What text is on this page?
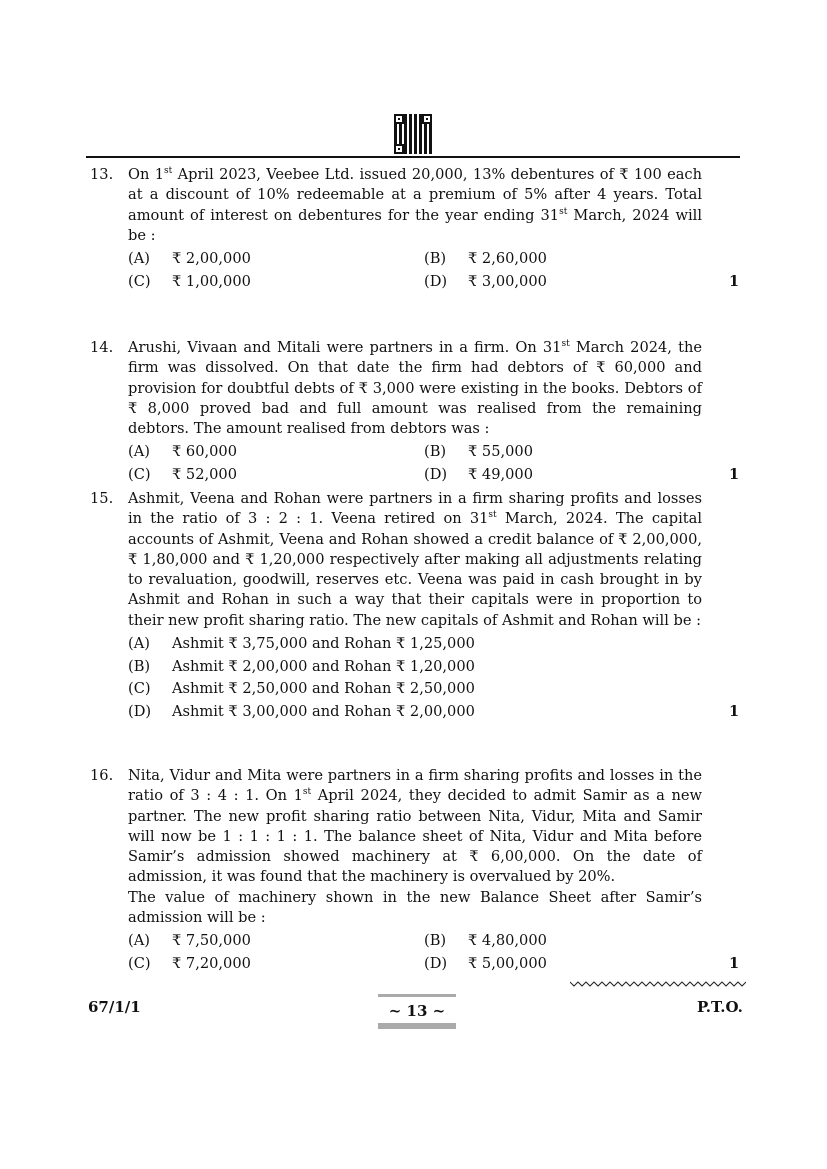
13. On 1st April 2023, Veebee Ltd. issued 20,000, 13% debentures of ₹ 100 each at a discount of 10% redeemable at a premium of 5% after 4 years. Total amount of interest on debentures for the year ending 31st March, 2024 will be :
(A) ₹ 2,00,000	(B) ₹ 2,60,000
(C) ₹ 1,00,000	(D) ₹ 3,00,000	1
14. Arushi, Vivaan and Mitali were partners in a firm. On 31st March 2024, the firm was dissolved. On that date the firm had debtors of ₹ 60,000 and provision for doubtful debts of ₹ 3,000 were existing in the books. Debtors of ₹ 8,000 proved bad and full amount was realised from the remaining debtors. The amount realised from debtors was :
(A) ₹ 60,000	(B) ₹ 55,000
(C) ₹ 52,000	(D) ₹ 49,000	1
15. Ashmit, Veena and Rohan were partners in a firm sharing profits and losses in the ratio of 3 : 2 : 1. Veena retired on 31st March, 2024. The capital accounts of Ashmit, Veena and Rohan showed a credit balance of ₹ 2,00,000, ₹ 1,80,000 and ₹ 1,20,000 respectively after making all adjustments relating to revaluation, goodwill, reserves etc. Veena was paid in cash brought in by Ashmit and Rohan in such a way that their capitals were in proportion to their new profit sharing ratio. The new capitals of Ashmit and Rohan will be :
(A) Ashmit ₹ 3,75,000 and Rohan ₹ 1,25,000
(B) Ashmit ₹ 2,00,000 and Rohan ₹ 1,20,000
(C) Ashmit ₹ 2,50,000 and Rohan ₹ 2,50,000
(D) Ashmit ₹ 3,00,000 and Rohan ₹ 2,00,000	1
16. Nita, Vidur and Mita were partners in a firm sharing profits and losses in the ratio of 3 : 4 : 1. On 1st April 2024, they decided to admit Samir as a new partner. The new profit sharing ratio between Nita, Vidur, Mita and Samir will now be 1 : 1 : 1 : 1. The balance sheet of Nita, Vidur and Mita before Samir’s admission showed machinery at ₹ 6,00,000. On the date of admission, it was found that the machinery is overvalued by 20%.
The value of machinery shown in the new Balance Sheet after Samir’s admission will be :
(A) ₹ 7,50,000	(B) ₹ 4,80,000
(C) ₹ 7,20,000	(D) ₹ 5,00,000	1
67/1/1	~ 13 ~	P.T.O.
